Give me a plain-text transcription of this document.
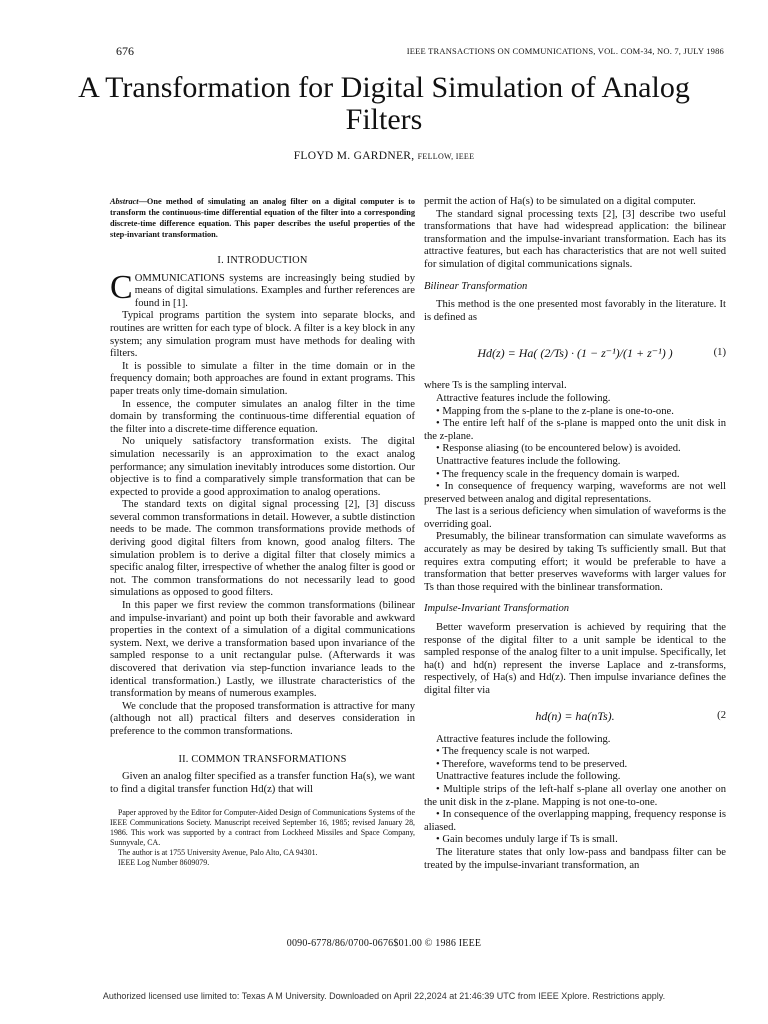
676	IEEE TRANSACTIONS ON COMMUNICATIONS, VOL. COM-34, NO. 7, JULY 1986
A Transformation for Digital Simulation of Analog Filters
FLOYD M. GARDNER, FELLOW, IEEE
Abstract—One method of simulating an analog filter on a digital computer is to transform the continuous-time differential equation of the filter into a corresponding discrete-time difference equation. This paper describes the useful properties of the step-invariant transformation.
I. INTRODUCTION

COMMUNICATIONS systems are increasingly being studied by means of digital simulations. Examples and further references are found in [1].

Typical programs partition the system into separate blocks, and routines are written for each type of block. A filter is a key block in any system; any simulation program must have methods for dealing with filters.

It is possible to simulate a filter in the time domain or in the frequency domain; both approaches are found in extant programs. This paper treats only time-domain simulation.

In essence, the computer simulates an analog filter in the time domain by transforming the continuous-time differential equation of the filter into a discrete-time difference equation.

No uniquely satisfactory transformation exists. The digital simulation necessarily is an approximation to the exact analog performance; any simulation inevitably introduces some distortion. Our objective is to find a comparatively simple transformation that can be expected to provide a good approximation to analog operations.

The standard texts on digital signal processing [2], [3] discuss several common transformations in detail. However, a subtle distinction needs to be made. The common transformations provide methods of deriving good digital filters from known, good analog filters. The simulation problem is to derive a digital filter that closely mimics a specific analog filter, irrespective of whether the analog filter is good or not. The common transformations do not necessarily lead to good simulations as opposed to good filters.

In this paper we first review the common transformations (bilinear and impulse-invariant) and point up both their favorable and awkward properties in the context of a simulation of a digital communications system. Next, we derive a transformation based upon invariance of the sampled response to a unit rectangular pulse. (Afterwards it was discovered that derivation via step-function invariance leads to the identical transformation.) Lastly, we illustrate characteristics of the transformation by means of numerous examples.

We conclude that the proposed transformation is attractive for many (although not all) practical filters and deserves consideration in preference to the common transformations.

II. COMMON TRANSFORMATIONS

Given an analog filter specified as a transfer function Ha(s), we want to find a digital transfer function Hd(z) that will

Paper approved by the Editor for Computer-Aided Design of Communications Systems of the IEEE Communications Society. Manuscript received September 16, 1985; revised January 28, 1986. This work was supported by a contract from Lockheed Missiles and Space Company, Sunnyvale, CA.

The author is at 1755 University Avenue, Palo Alto, CA 94301.

IEEE Log Number 8609079.

permit the action of Ha(s) to be simulated on a digital computer.

The standard signal processing texts [2], [3] describe two useful transformations that have had widespread application: the bilinear transformation and the impulse-invariant transformation. Each has its attractive features, but each has characteristics that are not well suited for simulation of digital communications signals.

Bilinear Transformation

This method is the one presented most favorably in the literature. It is defined as

Hd(z) = Ha( (2/Ts) · (1 − z⁻¹)/(1 + z⁻¹) )	(1)

where Ts is the sampling interval.

Attractive features include the following.

• Mapping from the s-plane to the z-plane is one-to-one.

• The entire left half of the s-plane is mapped onto the unit disk in the z-plane.

• Response aliasing (to be encountered below) is avoided.

Unattractive features include the following.

• The frequency scale in the frequency domain is warped.

• In consequence of frequency warping, waveforms are not well preserved between analog and digital representations.

The last is a serious deficiency when simulation of waveforms is the overriding goal.

Presumably, the bilinear transformation can simulate waveforms as accurately as may be desired by taking Ts sufficiently small. But that requires extra computing effort; it would be preferable to have a transformation that better preserves waveforms with larger values for Ts than those required with the binlinear transformation.

Impulse-Invariant Transformation

Better waveform preservation is achieved by requiring that the response of the digital filter to a unit sample be identical to the sampled response of the analog filter to a unit impulse. Specifically, let ha(t) and hd(n) represent the inverse Laplace and z-transforms, respectively, of Ha(s) and Hd(z). Then impulse invariance defines the digital filter via

hd(n) = ha(nTs).	(2

Attractive features include the following.

• The frequency scale is not warped.

• Therefore, waveforms tend to be preserved.

Unattractive features include the following.

• Multiple strips of the left-half s-plane all overlay one another on the unit disk in the z-plane. Mapping is not one-to-one.

• In consequence of the overlapping mapping, frequency response is aliased.

• Gain becomes unduly large if Ts is small.

The literature states that only low-pass and bandpass filter can be treated by the impulse-invariant transformation, an

0090-6778/86/0700-0676$01.00 © 1986 IEEE
Authorized licensed use limited to: Texas A M University. Downloaded on April 22,2024 at 21:46:39 UTC from IEEE Xplore. Restrictions apply.
